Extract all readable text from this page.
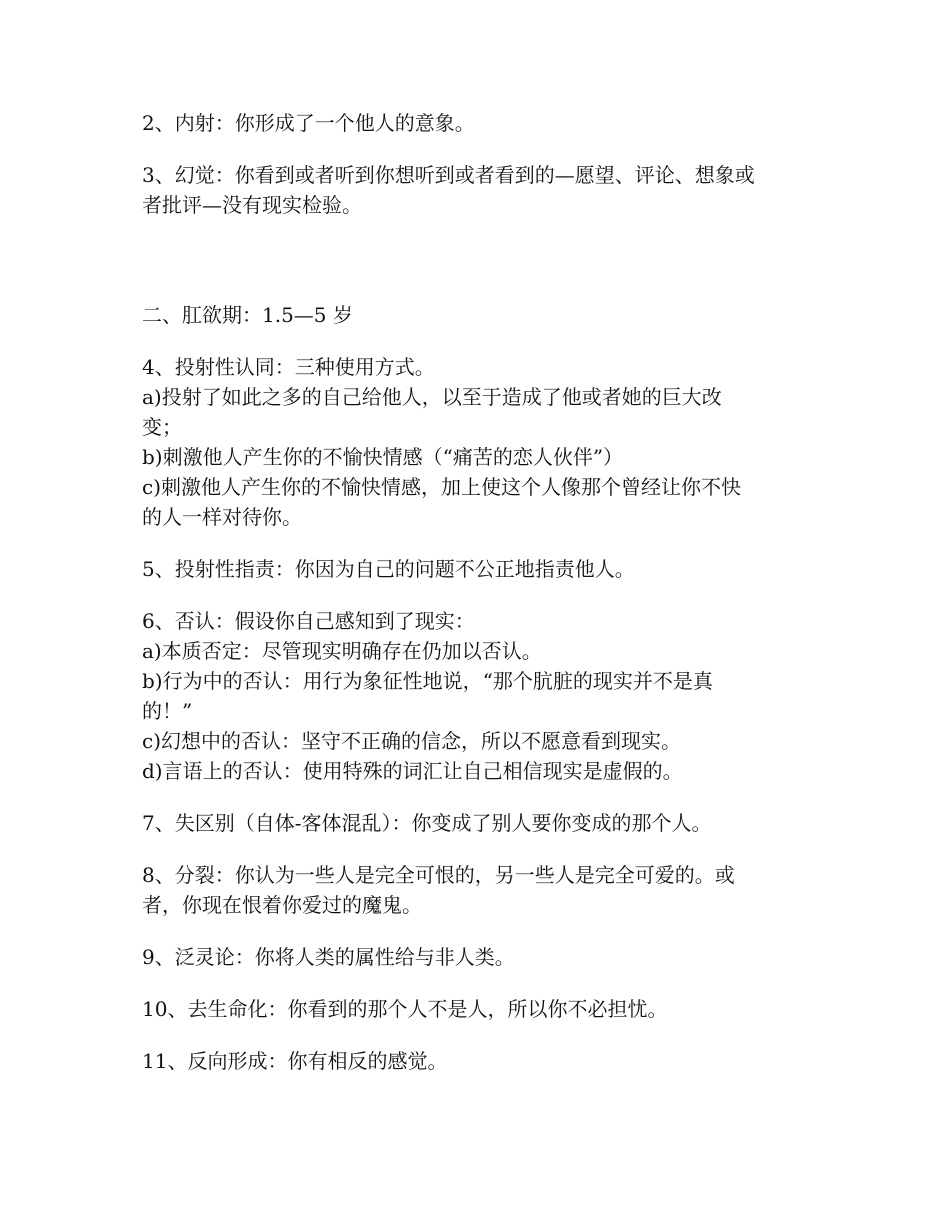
2、内射：你形成了一个他人的意象。
3、幻觉：你看到或者听到你想听到或者看到的—愿望、评论、想象或
者批评—没有现实检验。
二、肛欲期：1.5—5 岁
4、投射性认同：三种使用方式。
a)投射了如此之多的自己给他人，以至于造成了他或者她的巨大改
变；
b)刺激他人产生你的不愉快情感（“痛苦的恋人伙伴”）
c)刺激他人产生你的不愉快情感，加上使这个人像那个曾经让你不快
的人一样对待你。
5、投射性指责：你因为自己的问题不公正地指责他人。
6、否认：假设你自己感知到了现实：
a)本质否定：尽管现实明确存在仍加以否认。
b)行为中的否认：用行为象征性地说，“那个肮脏的现实并不是真
的！”
c)幻想中的否认：坚守不正确的信念，所以不愿意看到现实。
d)言语上的否认：使用特殊的词汇让自己相信现实是虚假的。
7、失区别（自体-客体混乱）：你变成了别人要你变成的那个人。
8、分裂：你认为一些人是完全可恨的，另一些人是完全可爱的。或
者，你现在恨着你爱过的魔鬼。
9、泛灵论：你将人类的属性给与非人类。
10、去生命化：你看到的那个人不是人，所以你不必担忧。
11、反向形成：你有相反的感觉。
